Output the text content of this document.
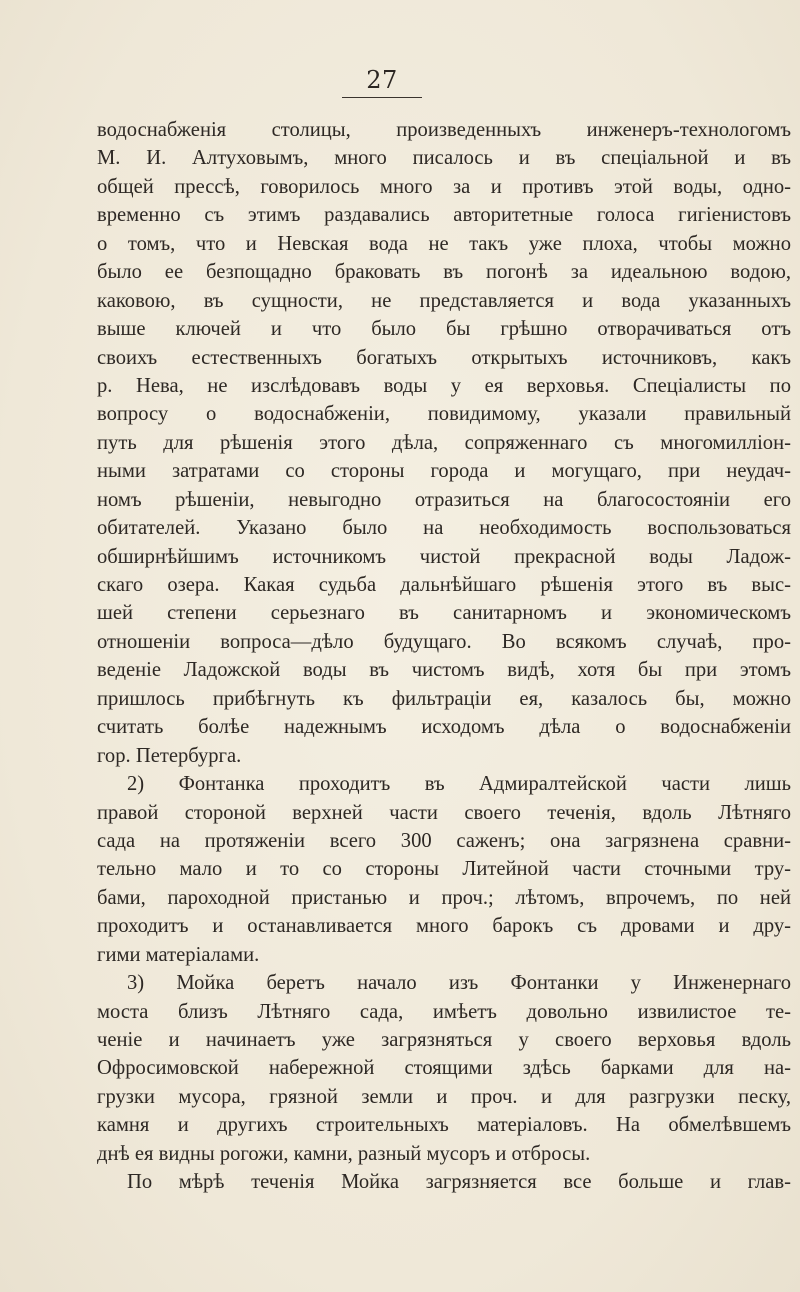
27
водоснабженія столицы, произведенныхъ инженеръ-технологомъ
М. И. Алтуховымъ, много писалось и въ спеціальной и въ
общей прессѣ, говорилось много за и противъ этой воды, одно-
временно съ этимъ раздавались авторитетные голоса гигіенистовъ
о томъ, что и Невская вода не такъ уже плоха, чтобы можно
было ее безпощадно браковать въ погонѣ за идеальною водою,
каковою, въ сущности, не представляется и вода указанныхъ
выше ключей и что было бы грѣшно отворачиваться отъ
своихъ естественныхъ богатыхъ открытыхъ источниковъ, какъ
р. Нева, не изслѣдовавъ воды у ея верховья. Спеціалисты по
вопросу о водоснабженіи, повидимому, указали правильный
путь для рѣшенія этого дѣла, сопряженнаго съ многомилліон-
ными затратами со стороны города и могущаго, при неудач-
номъ рѣшеніи, невыгодно отразиться на благосостояніи его
обитателей. Указано было на необходимость воспользоваться
обширнѣйшимъ источникомъ чистой прекрасной воды Ладож-
скаго озера. Какая судьба дальнѣйшаго рѣшенія этого въ выс-
шей степени серьезнаго въ санитарномъ и экономическомъ
отношеніи вопроса—дѣло будущаго. Во всякомъ случаѣ, про-
веденіе Ладожской воды въ чистомъ видѣ, хотя бы при этомъ
пришлось прибѣгнуть къ фильтраціи ея, казалось бы, можно
считать болѣе надежнымъ исходомъ дѣла о водоснабженіи
гор. Петербурга.
2) Фонтанка проходитъ въ Адмиралтейской части лишь
правой стороной верхней части своего теченія, вдоль Лѣтняго
сада на протяженіи всего 300 саженъ; она загрязнена сравни-
тельно мало и то со стороны Литейной части сточными тру-
бами, пароходной пристанью и проч.; лѣтомъ, впрочемъ, по ней
проходитъ и останавливается много барокъ съ дровами и дру-
гими матеріалами.
3) Мойка беретъ начало изъ Фонтанки у Инженернаго
моста близъ Лѣтняго сада, имѣетъ довольно извилистое те-
ченіе и начинаетъ уже загрязняться у своего верховья вдоль
Офросимовской набережной стоящими здѣсь барками для на-
грузки мусора, грязной земли и проч. и для разгрузки песку,
камня и другихъ строительныхъ матеріаловъ. На обмелѣвшемъ
днѣ ея видны рогожи, камни, разный мусоръ и отбросы.
По мѣрѣ теченія Мойка загрязняется все больше и глав-
